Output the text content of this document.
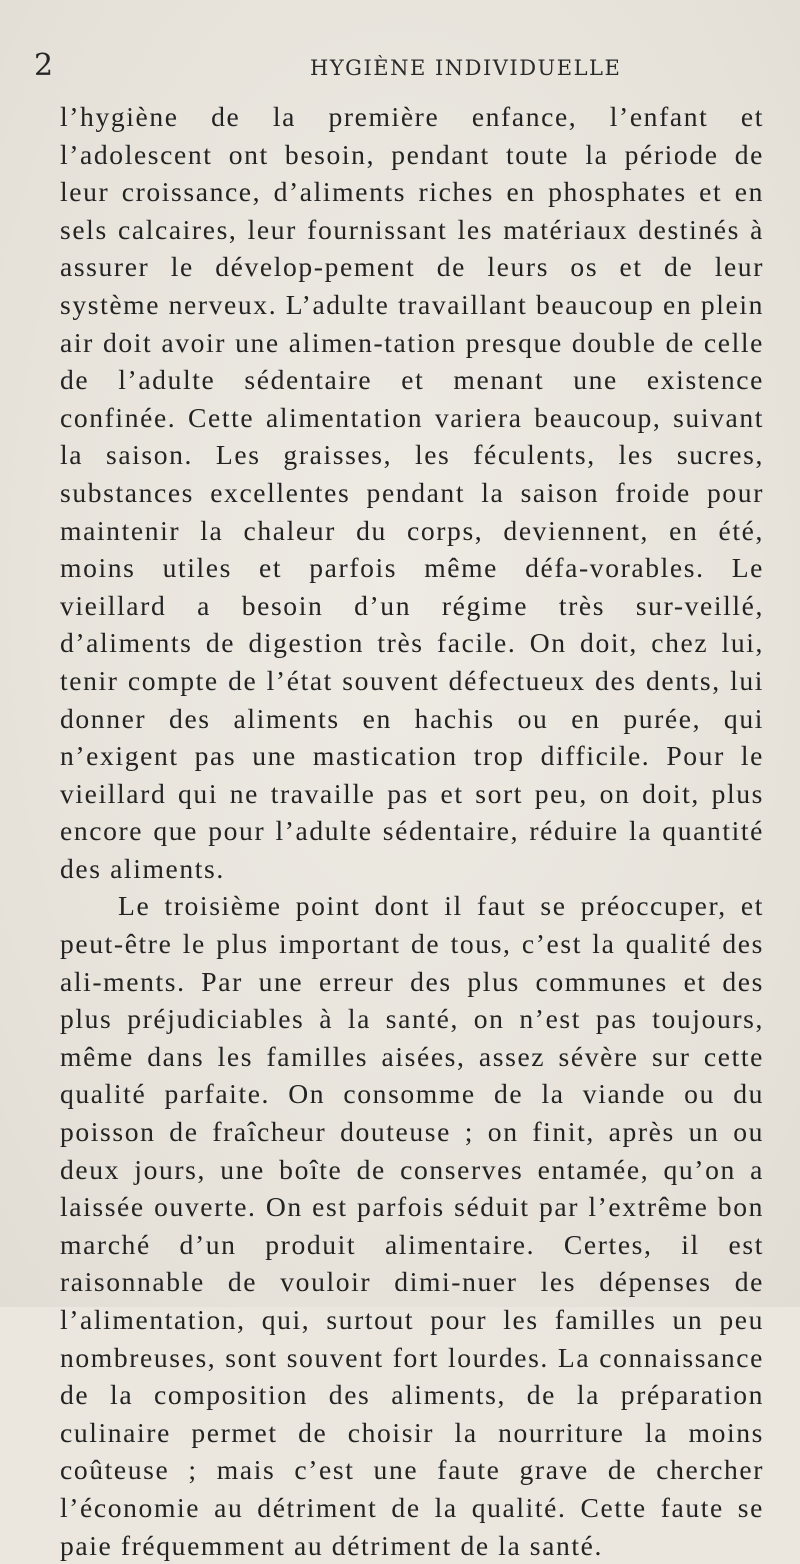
2	HYGIÈNE INDIVIDUELLE

l’hygiène de la première enfance, l’enfant et l’adolescent ont besoin, pendant toute la période de leur croissance, d’aliments riches en phosphates et en sels calcaires, leur fournissant les matériaux destinés à assurer le dévelop-pement de leurs os et de leur système nerveux. L’adulte travaillant beaucoup en plein air doit avoir une alimen-tation presque double de celle de l’adulte sédentaire et menant une existence confinée. Cette alimentation variera beaucoup, suivant la saison. Les graisses, les féculents, les sucres, substances excellentes pendant la saison froide pour maintenir la chaleur du corps, deviennent, en été, moins utiles et parfois même défa-vorables. Le vieillard a besoin d’un régime très sur-veillé, d’aliments de digestion très facile. On doit, chez lui, tenir compte de l’état souvent défectueux des dents, lui donner des aliments en hachis ou en purée, qui n’exigent pas une mastication trop difficile. Pour le vieillard qui ne travaille pas et sort peu, on doit, plus encore que pour l’adulte sédentaire, réduire la quantité des aliments.

Le troisième point dont il faut se préoccuper, et peut-être le plus important de tous, c’est la qualité des ali-ments. Par une erreur des plus communes et des plus préjudiciables à la santé, on n’est pas toujours, même dans les familles aisées, assez sévère sur cette qualité parfaite. On consomme de la viande ou du poisson de fraîcheur douteuse ; on finit, après un ou deux jours, une boîte de conserves entamée, qu’on a laissée ouverte. On est parfois séduit par l’extrême bon marché d’un produit alimentaire. Certes, il est raisonnable de vouloir dimi-nuer les dépenses de l’alimentation, qui, surtout pour les familles un peu nombreuses, sont souvent fort lourdes. La connaissance de la composition des aliments, de la préparation culinaire permet de choisir la nourriture la moins coûteuse ; mais c’est une faute grave de chercher l’économie au détriment de la qualité. Cette faute se paie fréquemment au détriment de la santé.
